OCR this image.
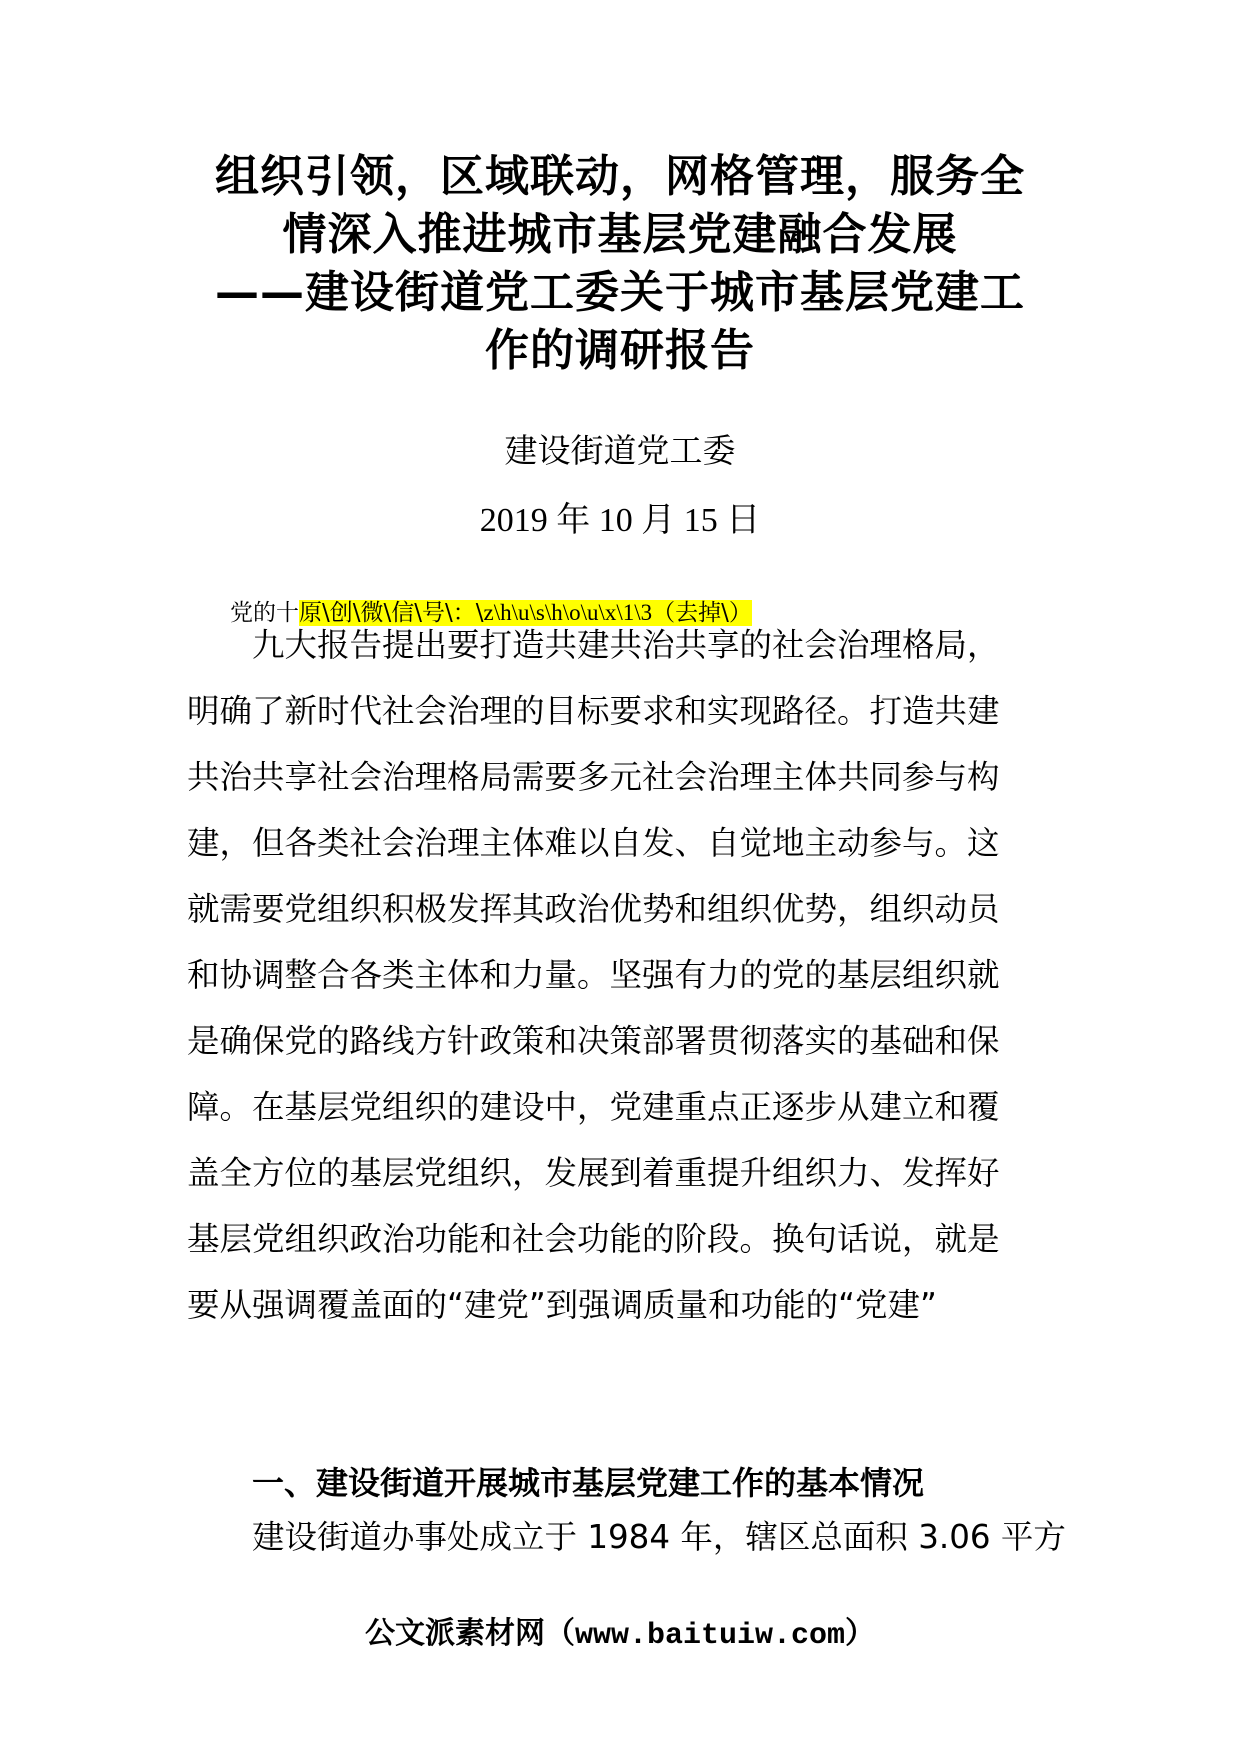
组织引领，区域联动，网格管理，服务全
情深入推进城市基层党建融合发展
——建设街道党工委关于城市基层党建工
作的调研报告
建设街道党工委
2019 年 10 月 15 日
党的十原\创\微\信\号\：\z\h\u\s\h\o\u\x\1\3（去掉\）
　　九大报告提出要打造共建共治共享的社会治理格局，
明确了新时代社会治理的目标要求和实现路径。打造共建
共治共享社会治理格局需要多元社会治理主体共同参与构
建，但各类社会治理主体难以自发、自觉地主动参与。这
就需要党组织积极发挥其政治优势和组织优势，组织动员
和协调整合各类主体和力量。坚强有力的党的基层组织就
是确保党的路线方针政策和决策部署贯彻落实的基础和保
障。在基层党组织的建设中，党建重点正逐步从建立和覆
盖全方位的基层党组织，发展到着重提升组织力、发挥好
基层党组织政治功能和社会功能的阶段。换句话说，就是
要从强调覆盖面的“建党”到强调质量和功能的“党建”
一、建设街道开展城市基层党建工作的基本情况
建设街道办事处成立于 1984 年，辖区总面积 3.06 平方
公文派素材网（www.baituiw.com）
